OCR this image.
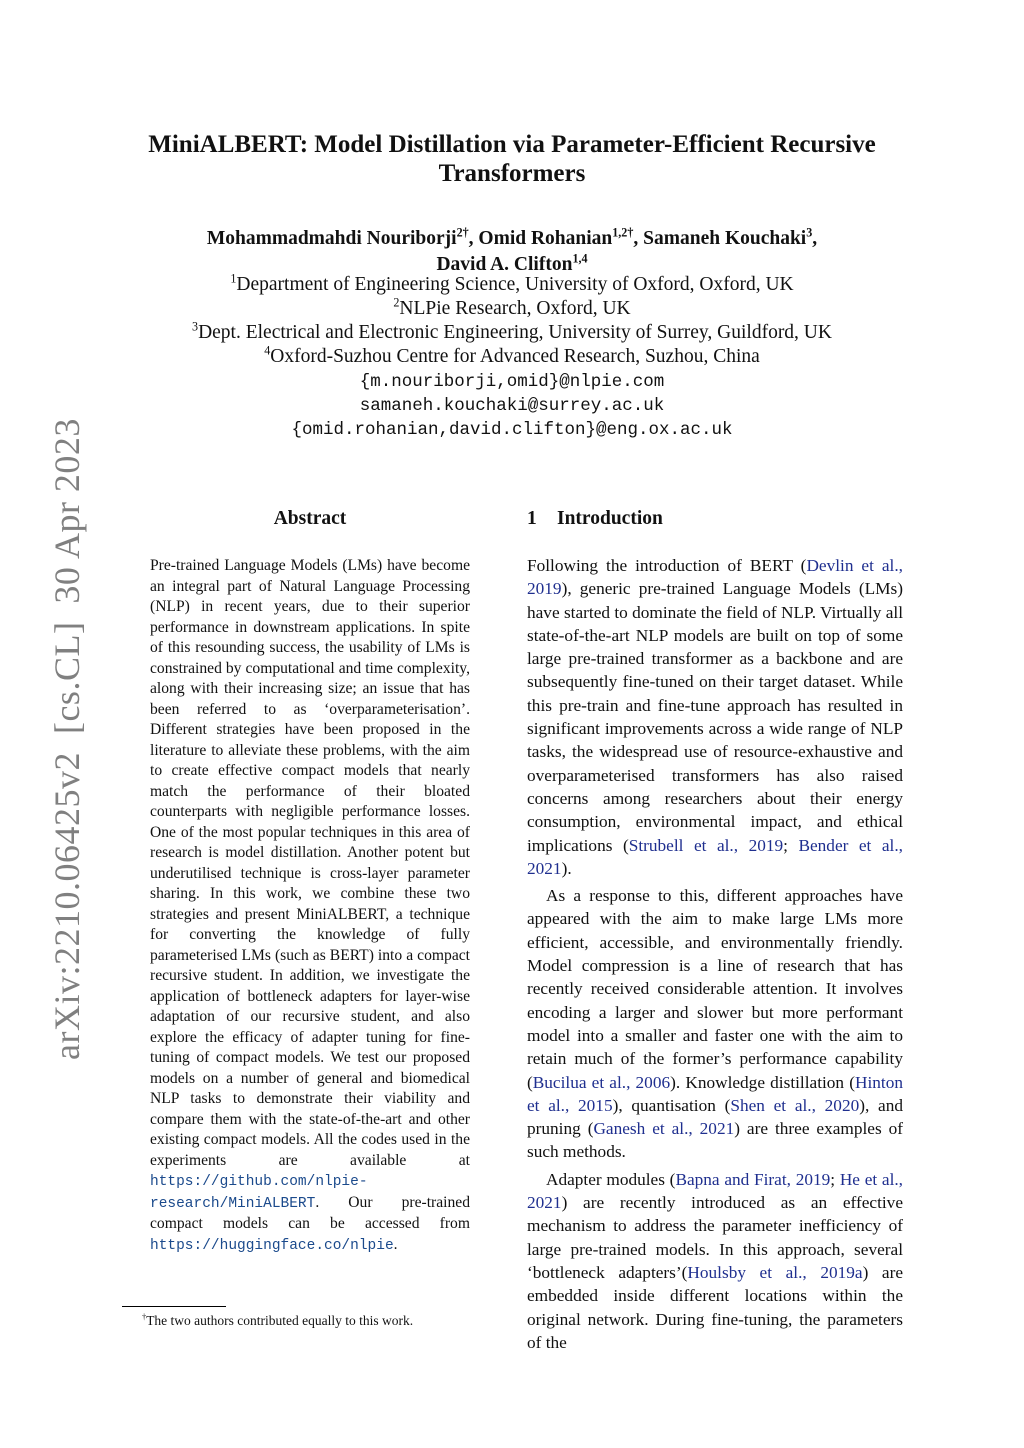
arXiv:2210.06425v2[cs.CL]30 Apr 2023
MiniALBERT: Model Distillation via Parameter-Efficient Recursive
Transformers
Mohammadmahdi Nouriborji$^{2\dagger}$, Omid Rohanian$^{1,2\dagger}$, Samaneh Kouchaki$^3$,
David A. Clifton$^{1,4}$
$^1$Department of Engineering Science, University of Oxford, Oxford, UK
$^2$NLPie Research, Oxford, UK
$^3$Dept. Electrical and Electronic Engineering, University of Surrey, Guildford, UK
$^4$Oxford-Suzhou Centre for Advanced Research, Suzhou, China
{m.nouriborji,omid}@nlpie.com
samaneh.kouchaki@surrey.ac.uk
{omid.rohanian,david.clifton}@eng.ox.ac.uk
Abstract
Pre-trained Language Models (LMs) have become an integral part of Natural Language Processing (NLP) in recent years, due to their superior performance in downstream applications. In spite of this resounding success, the usability of LMs is constrained by computational and time complexity, along with their increasing size; an issue that has been referred to as ‘overparameterisation’. Different strategies have been proposed in the literature to alleviate these problems, with the aim to create effective compact models that nearly match the performance of their bloated counterparts with negligible performance losses. One of the most popular techniques in this area of research is model distillation. Another potent but underutilised technique is cross-layer parameter sharing. In this work, we combine these two strategies and present MiniALBERT, a technique for converting the knowledge of fully parameterised LMs (such as BERT) into a compact recursive student. In addition, we investigate the application of bottleneck adapters for layer-wise adaptation of our recursive student, and also explore the efficacy of adapter tuning for fine-tuning of compact models. We test our proposed models on a number of general and biomedical NLP tasks to demonstrate their viability and compare them with the state-of-the-art and other existing compact models. All the codes used in the experiments are available at https://github.com/nlpie-research/MiniALBERT. Our pre-trained compact models can be accessed from https://huggingface.co/nlpie.
†The two authors contributed equally to this work.
1 Introduction

Following the introduction of BERT (Devlin et al., 2019), generic pre-trained Language Models (LMs) have started to dominate the field of NLP. Virtually all state-of-the-art NLP models are built on top of some large pre-trained transformer as a backbone and are subsequently fine-tuned on their target dataset. While this pre-train and fine-tune approach has resulted in significant improvements across a wide range of NLP tasks, the widespread use of resource-exhaustive and overparameterised transformers has also raised concerns among researchers about their energy consumption, environmental impact, and ethical implications (Strubell et al., 2019; Bender et al., 2021).

As a response to this, different approaches have appeared with the aim to make large LMs more efficient, accessible, and environmentally friendly. Model compression is a line of research that has recently received considerable attention. It involves encoding a larger and slower but more performant model into a smaller and faster one with the aim to retain much of the former’s performance capability (Bucilua et al., 2006). Knowledge distillation (Hinton et al., 2015), quantisation (Shen et al., 2020), and pruning (Ganesh et al., 2021) are three examples of such methods.

Adapter modules (Bapna and Firat, 2019; He et al., 2021) are recently introduced as an effective mechanism to address the parameter inefficiency of large pre-trained models. In this approach, several ‘bottleneck adapters’(Houlsby et al., 2019a) are embedded inside different locations within the original network. During fine-tuning, the parameters of the
